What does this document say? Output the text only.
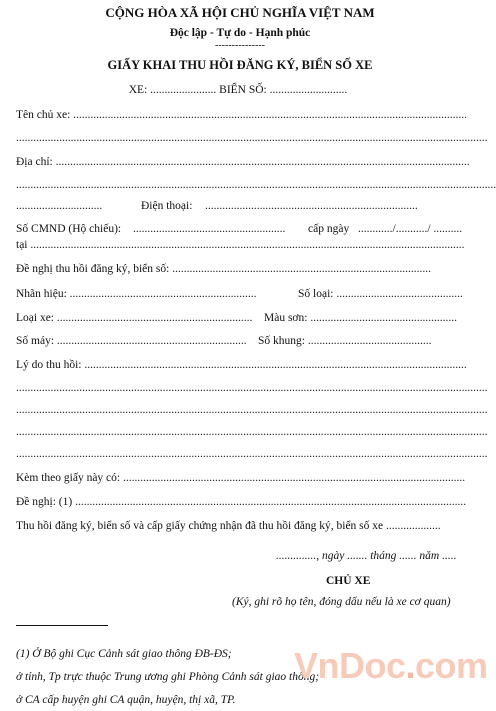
CỘNG HÒA XÃ HỘI CHỦ NGHĨA VIỆT NAM
Độc lập - Tự do - Hạnh phúc
---------------
GIẤY KHAI THU HỒI ĐĂNG KÝ, BIỂN SỐ XE
XE: ....................... BIỂN SỐ: ...........................
Tên chủ xe: .........................................................................................................................................
....................................................................................................................................................................
Địa chỉ: ................................................................................................................................................
.......................................................................................................................................................................
..............................	Điện thoại: ..........................................................................
Số CMND (Hộ chiếu): ..................................................... cấp ngày ............/.........../ ..........
tại .......................................................................................................................................................
Đề nghị thu hồi đăng ký, biển số: ..........................................................................................
Nhãn hiệu: .................................................................	Số loại: ............................................
Loại xe: .................................................................... Màu sơn: ...................................................
Số máy: .................................................................. Số khung: ...........................................
Lý do thu hồi: .....................................................................................................................................
....................................................................................................................................................................
....................................................................................................................................................................
....................................................................................................................................................................
....................................................................................................................................................................
Kèm theo giấy này có: .......................................................................................................................
Đề nghị: (1) ........................................................................................................................................
Thu hồi đăng ký, biển số và cấp giấy chứng nhận đã thu hồi đăng ký, biển số xe ...................
.............., ngày ....... tháng ...... năm .....
CHỦ XE
(Ký, ghi rõ họ tên, đóng dấu nếu là xe cơ quan)
(1) Ở Bộ ghi Cục Cảnh sát giao thông ĐB-ĐS;
ở tỉnh, Tp trực thuộc Trung ương ghi Phòng Cảnh sát giao thông;
ở CA cấp huyện ghi CA quận, huyện, thị xã, TP.
VnDoc.com
